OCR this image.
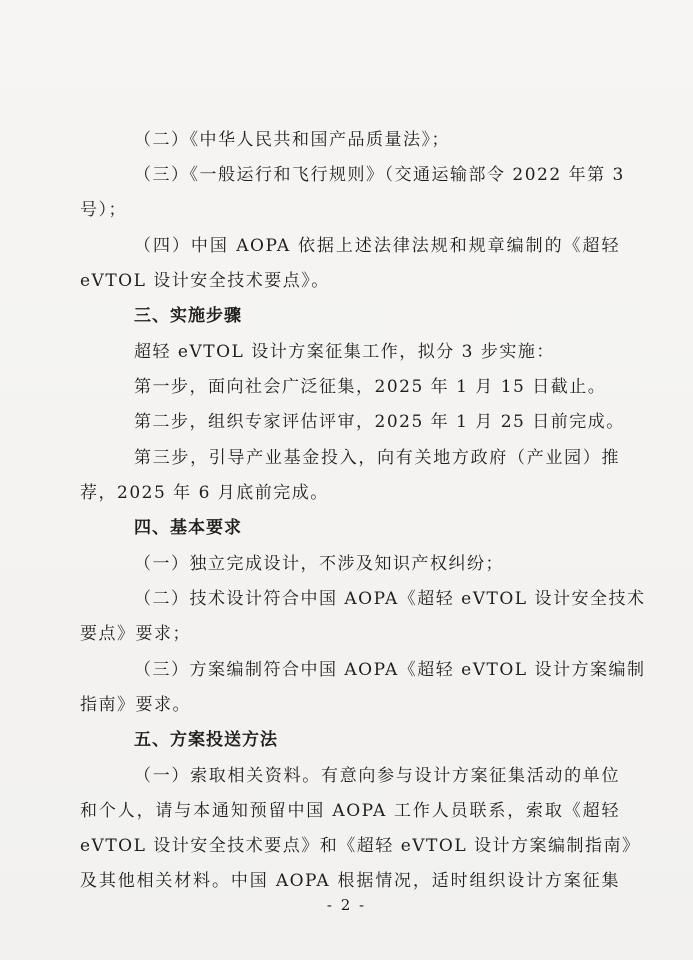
（二）《中华人民共和国产品质量法》；
（三）《一般运行和飞行规则》（交通运输部令 2022 年第 3
号）；
（四）中国 AOPA 依据上述法律法规和规章编制的《超轻
eVTOL 设计安全技术要点》。
三、实施步骤
超轻 eVTOL 设计方案征集工作，拟分 3 步实施：
第一步，面向社会广泛征集，2025 年 1 月 15 日截止。
第二步，组织专家评估评审，2025 年 1 月 25 日前完成。
第三步，引导产业基金投入，向有关地方政府（产业园）推
荐，2025 年 6 月底前完成。
四、基本要求
（一）独立完成设计，不涉及知识产权纠纷；
（二）技术设计符合中国 AOPA《超轻 eVTOL 设计安全技术
要点》要求；
（三）方案编制符合中国 AOPA《超轻 eVTOL 设计方案编制
指南》要求。
五、方案投送方法
（一）索取相关资料。有意向参与设计方案征集活动的单位
和个人，请与本通知预留中国 AOPA 工作人员联系，索取《超轻
eVTOL 设计安全技术要点》和《超轻 eVTOL 设计方案编制指南》
及其他相关材料。中国 AOPA 根据情况，适时组织设计方案征集
- 2 -
